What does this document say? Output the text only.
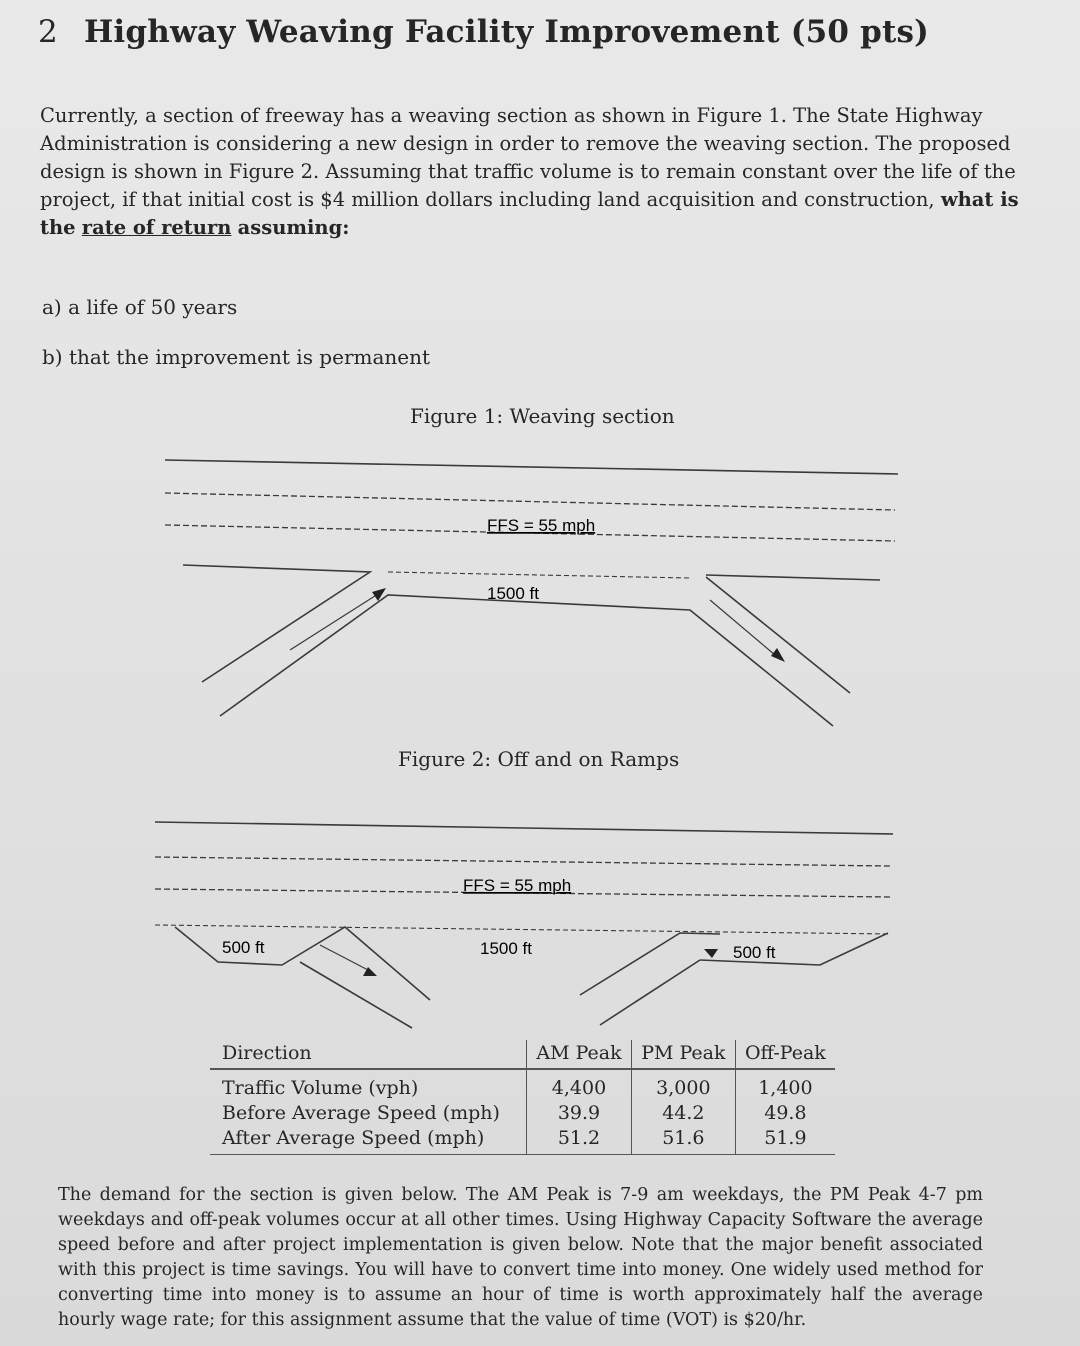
2 Highway Weaving Facility Improvement (50 pts)

Currently, a section of freeway has a weaving section as shown in Figure 1. The State Highway Administration is considering a new design in order to remove the weaving section. The proposed design is shown in Figure 2. Assuming that traffic volume is to remain constant over the life of the project, if that initial cost is $4 million dollars including land acquisition and construction, what is the rate of return assuming:

a) a life of 50 years
b) that the improvement is permanent
Figure 1: Weaving section
Figure 2: Off and on Ramps
FFS = 55 mph
1500 ft
FFS = 55 mph
500 ft	1500 ft	500 ft
Direction	AM Peak	PM Peak	Off-Peak
Traffic Volume (vph)	4,400	3,000	1,400
Before Average Speed (mph)	39.9	44.2	49.8
After Average Speed (mph)	51.2	51.6	51.9
The demand for the section is given below. The AM Peak is 7-9 am weekdays, the PM Peak 4-7 pm weekdays and off-peak volumes occur at all other times. Using Highway Capacity Software the average speed before and after project implementation is given below. Note that the major benefit associated with this project is time savings. You will have to convert time into money. One widely used method for converting time into money is to assume an hour of time is worth approximately half the average hourly wage rate; for this assignment assume that the value of time (VOT) is $20/hr.
